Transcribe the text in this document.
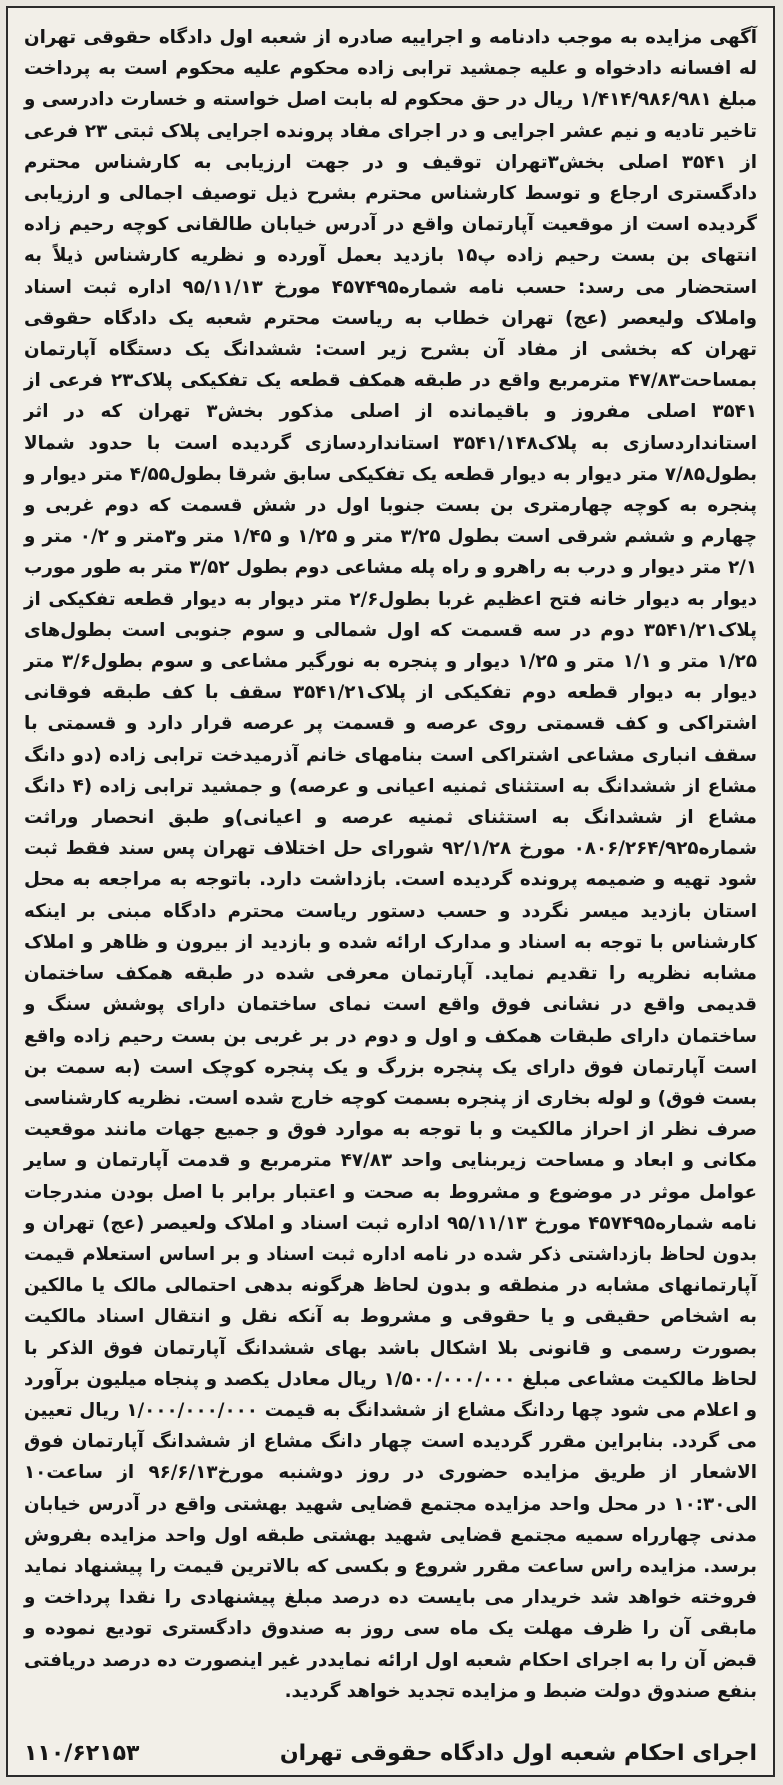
آگهی مزایده به موجب دادنامه و اجراییه صادره از شعبه اول دادگاه حقوقی تهران له افسانه دادخواه و علیه جمشید ترابی زاده محکوم علیه محکوم است به پرداخت مبلغ ۱/۴۱۴/۹۸۶/۹۸۱ ریال در حق محکوم له بابت اصل خواسته و خسارت دادرسی و تاخیر تادیه و نیم عشر اجرایی و در اجرای مفاد پرونده اجرایی پلاک ثبتی ۲۳ فرعی از ۳۵۴۱ اصلی بخش۳تهران توقیف و در جهت ارزیابی به کارشناس محترم دادگستری ارجاع و توسط کارشناس محترم بشرح ذیل توصیف اجمالی و ارزیابی گردیده است از موقعیت آپارتمان واقع در آدرس خیابان طالقانی کوچه رحیم زاده انتهای بن بست رحیم زاده پ۱۵ بازدید بعمل آورده و نظریه کارشناس ذیلاً به استحضار می رسد: حسب نامه شماره۴۵۷۴۹۵ مورخ ۹۵/۱۱/۱۳ اداره ثبت اسناد واملاک ولیعصر (عج) تهران خطاب به ریاست محترم شعبه یک دادگاه حقوقی تهران که بخشی از مفاد آن بشرح زیر است: ششدانگ یک دستگاه آپارتمان بمساحت۴۷/۸۳ مترمربع واقع در طبقه همکف قطعه یک تفکیکی پلاک۲۳ فرعی از ۳۵۴۱ اصلی مفروز و باقیمانده از اصلی مذکور بخش۳ تهران که در اثر استانداردسازی به پلاک۳۵۴۱/۱۴۸ استانداردسازی گردیده است با حدود شمالا بطول۷/۸۵ متر دیوار به دیوار قطعه یک تفکیکی سابق شرقا بطول۴/۵۵ متر دیوار و پنجره به کوچه چهارمتری بن بست جنوبا اول در شش قسمت که دوم غربی و چهارم و ششم شرقی است بطول ۳/۲۵ متر و ۱/۲۵ و ۱/۴۵ متر و۳متر و ۰/۲ متر و ۲/۱ متر دیوار و درب به راهرو و راه پله مشاعی دوم بطول ۳/۵۲ متر به طور مورب دیوار به دیوار خانه فتح اعظیم غربا بطول۲/۶ متر دیوار به دیوار قطعه تفکیکی از پلاک۳۵۴۱/۲۱ دوم در سه قسمت که اول شمالی و سوم جنوبی است بطول‌های ۱/۲۵ متر و ۱/۱ متر و ۱/۲۵ دیوار و پنجره به نورگیر مشاعی و سوم بطول۳/۶ متر دیوار به دیوار قطعه دوم تفکیکی از پلاک۳۵۴۱/۲۱ سقف با کف طبقه فوقانی اشتراکی و کف قسمتی روی عرصه و قسمت پر عرصه قرار دارد و قسمتی با سقف انباری مشاعی اشتراکی است بنامهای خانم آذرمیدخت ترابی زاده (دو دانگ مشاع از ششدانگ به استثنای ثمنیه اعیانی و عرصه) و جمشید ترابی زاده (۴ دانگ مشاع از ششدانگ به استثنای ثمنیه عرصه و اعیانی)و طبق انحصار وراثت شماره۰۸۰۶/۲۶۴/۹۲۵ مورخ ۹۲/۱/۲۸ شورای حل اختلاف تهران پس سند فقط ثبت شود تهیه و ضمیمه پرونده گردیده است. بازداشت دارد. باتوجه به مراجعه به محل استان بازدید میسر نگردد و حسب دستور ریاست محترم دادگاه مبنی بر اینکه کارشناس با توجه به اسناد و مدارک ارائه شده و بازدید از بیرون و ظاهر و املاک مشابه نظریه را تقدیم نماید. آپارتمان معرفی شده در طبقه همکف ساختمان قدیمی واقع در نشانی فوق واقع است نمای ساختمان دارای پوشش سنگ و ساختمان دارای طبقات همکف و اول و دوم در بر غربی بن بست رحیم زاده واقع است آپارتمان فوق دارای یک پنجره بزرگ و یک پنجره کوچک است (به سمت بن بست فوق) و لوله بخاری از پنجره بسمت کوچه خارج شده است. نظریه کارشناسی صرف نظر از احراز مالکیت و با توجه به موارد فوق و جمیع جهات مانند موقعیت مکانی و ابعاد و مساحت زیربنایی واحد ۴۷/۸۳ مترمربع و قدمت آپارتمان و سایر عوامل موثر در موضوع و مشروط به صحت و اعتبار برابر با اصل بودن مندرجات نامه شماره۴۵۷۴۹۵ مورخ ۹۵/۱۱/۱۳ اداره ثبت اسناد و املاک ولعیصر (عج) تهران و بدون لحاظ بازداشتی ذکر شده در نامه اداره ثبت اسناد و بر اساس استعلام قیمت آپارتمانهای مشابه در منطقه و بدون لحاظ هرگونه بدهی احتمالی مالک یا مالکین به اشخاص حقیقی و یا حقوقی و مشروط به آنکه نقل و انتقال اسناد مالکیت بصورت رسمی و قانونی بلا اشکال باشد بهای ششدانگ آپارتمان فوق الذکر با لحاظ مالکیت مشاعی مبلغ ۱/۵۰۰/۰۰۰/۰۰۰ ریال معادل یکصد و پنجاه میلیون برآورد و اعلام می شود چها ردانگ مشاع از ششدانگ به قیمت ۱/۰۰۰/۰۰۰/۰۰۰ ریال تعیین می گردد. بنابراین مقرر گردیده است چهار دانگ مشاع از ششدانگ آپارتمان فوق الاشعار از طریق مزایده حضوری در روز دوشنبه مورخ۹۶/۶/۱۳ از ساعت۱۰ الی۱۰:۳۰ در محل واحد مزایده مجتمع قضایی شهید بهشتی واقع در آدرس خیابان مدنی چهارراه سمیه مجتمع قضایی شهید بهشتی طبقه اول واحد مزایده بفروش برسد. مزایده راس ساعت مقرر شروع و بکسی که بالاترین قیمت را پیشنهاد نماید فروخته خواهد شد خریدار می بایست ده درصد مبلغ پیشنهادی را نقدا پرداخت و مابقی آن را ظرف مهلت یک ماه سی روز به صندوق دادگستری تودیع نموده و قبض آن را به اجرای احکام شعبه اول ارائه نمایددر غیر اینصورت ده درصد دریافتی بنفع صندوق دولت ضبط و مزایده تجدید خواهد گردید.

اجرای احکام شعبه اول دادگاه حقوقی تهران
۱۱۰/۶۲۱۵۳
